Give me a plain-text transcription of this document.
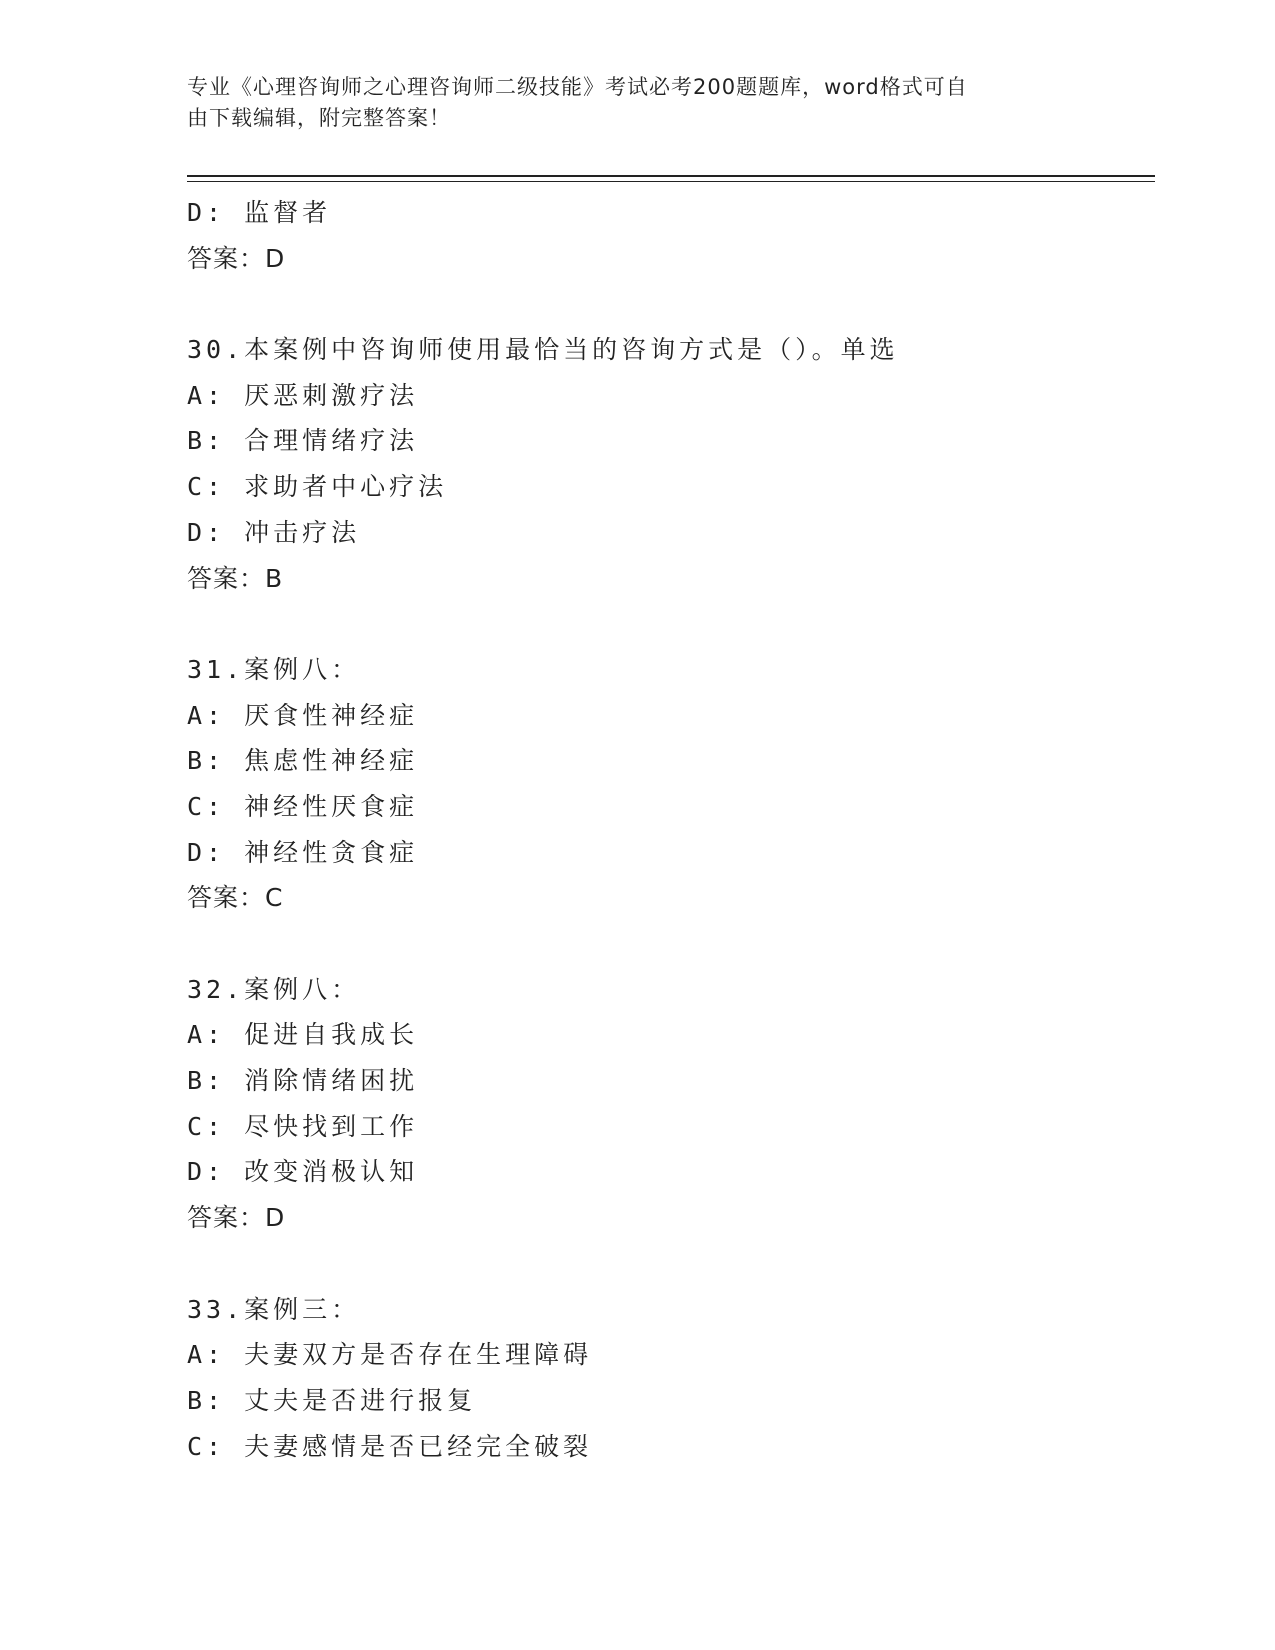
专业《心理咨询师之心理咨询师二级技能》考试必考200题题库，word格式可自
由下载编辑，附完整答案！
D: 监督者
答案：D
30.本案例中咨询师使用最恰当的咨询方式是（）。单选
A: 厌恶刺激疗法
B: 合理情绪疗法
C: 求助者中心疗法
D: 冲击疗法
答案：B
31.案例八：
A: 厌食性神经症
B: 焦虑性神经症
C: 神经性厌食症
D: 神经性贪食症
答案：C
32.案例八：
A: 促进自我成长
B: 消除情绪困扰
C: 尽快找到工作
D: 改变消极认知
答案：D
33.案例三：
A: 夫妻双方是否存在生理障碍
B: 丈夫是否进行报复
C: 夫妻感情是否已经完全破裂
